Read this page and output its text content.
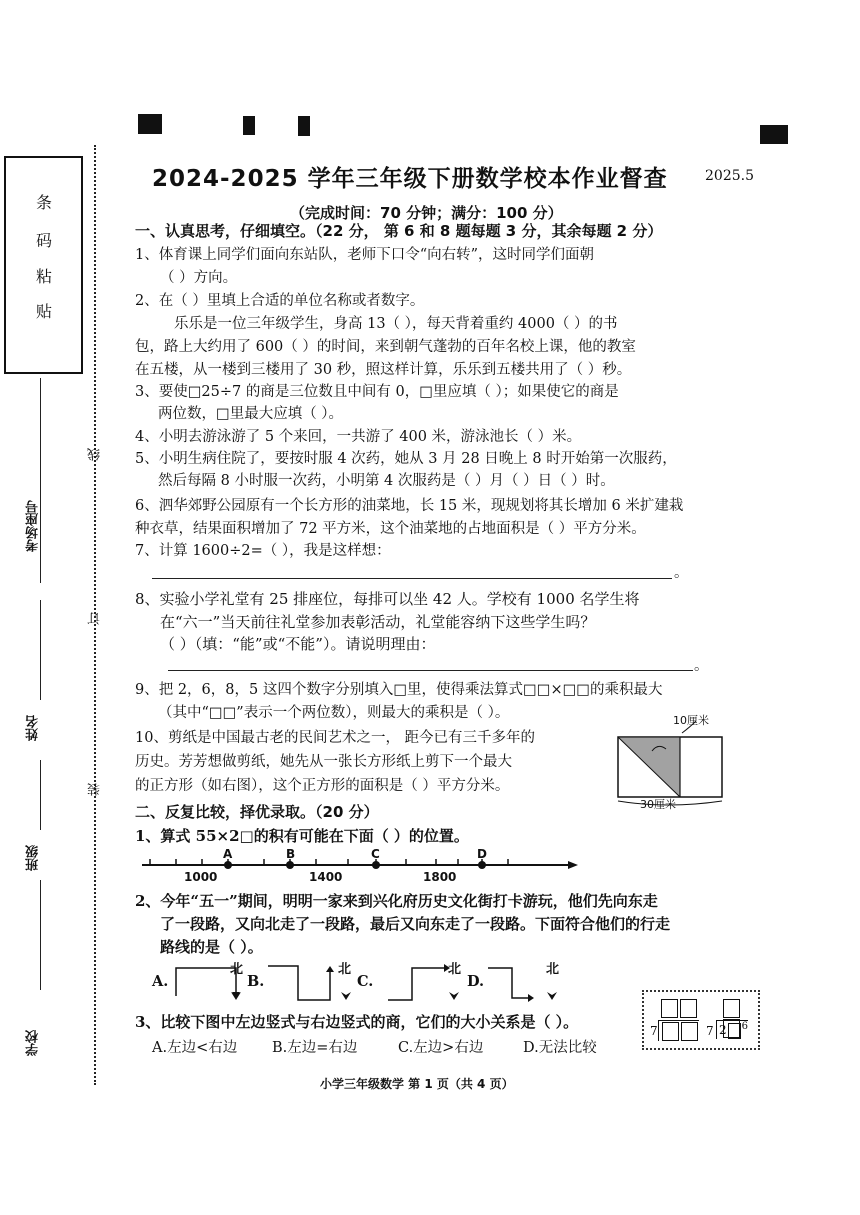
条
码
粘
贴
考场座号
姓名
班级
学校
线
订
装
2024-2025 学年三年级下册数学校本作业督查	2025.5
（完成时间：70 分钟；满分：100 分）
一、认真思考，仔细填空。（22 分， 第 6 和 8 题每题 3 分，其余每题 2 分）
1、体育课上同学们面向东站队，老师下口令“向右转”，这时同学们面朝
（ ）方向。
2、在（ ）里填上合适的单位名称或者数字。
乐乐是一位三年级学生，身高 13（ ），每天背着重约 4000（ ）的书
包，路上大约用了 600（ ）的时间，来到朝气蓬勃的百年名校上课，他的教室
在五楼，从一楼到三楼用了 30 秒，照这样计算，乐乐到五楼共用了（ ）秒。
3、要使□25÷7 的商是三位数且中间有 0，□里应填（ ）；如果使它的商是
两位数，□里最大应填（ ）。
4、小明去游泳游了 5 个来回，一共游了 400 米，游泳池长（ ）米。
5、小明生病住院了，要按时服 4 次药，她从 3 月 28 日晚上 8 时开始第一次服药，
然后每隔 8 小时服一次药，小明第 4 次服药是（ ）月（ ）日（ ）时。
6、泗华郊野公园原有一个长方形的油菜地，长 15 米，现规划将其长增加 6 米扩建栽
种衣草，结果面积增加了 72 平方米，这个油菜地的占地面积是（ ）平方分米。
7、计算 1600÷2=（ ），我是这样想：
。
8、实验小学礼堂有 25 排座位，每排可以坐 42 人。学校有 1000 名学生将
在“六一”当天前往礼堂参加表彰活动，礼堂能容纳下这些学生吗？
（ ）（填：“能”或“不能”）。请说明理由：
。
9、把 2，6，8，5 这四个数字分别填入□里，使得乘法算式□□×□□的乘积最大
（其中“□□”表示一个两位数），则最大的乘积是（ ）。
10、剪纸是中国最古老的民间艺术之一， 距今已有三千多年的
历史。芳芳想做剪纸，她先从一张长方形纸上剪下一个最大
的正方形（如右图），这个正方形的面积是（ ）平方分米。
10厘米
30厘米
二、反复比较，择优录取。（20 分）
1、算式 55×2□的积有可能在下面（ ）的位置。
A	B	C	D
1000	1400	1800
2、今年“五一”期间，明明一家来到兴化府历史文化街打卡游玩，他们先向东走
了一段路，又向北走了一段路，最后又向东走了一段路。下面符合他们的行走
路线的是（ ）。
A.	B.	C.	D.
北	北	北	北
3、比较下图中左边竖式与右边竖式的商，它们的大小关系是（ ）。
A.左边<右边 B.左边=右边	C.左边>右边	D.无法比较
7	7 2 $^6$
小学三年级数学 第 1 页（共 4 页）
